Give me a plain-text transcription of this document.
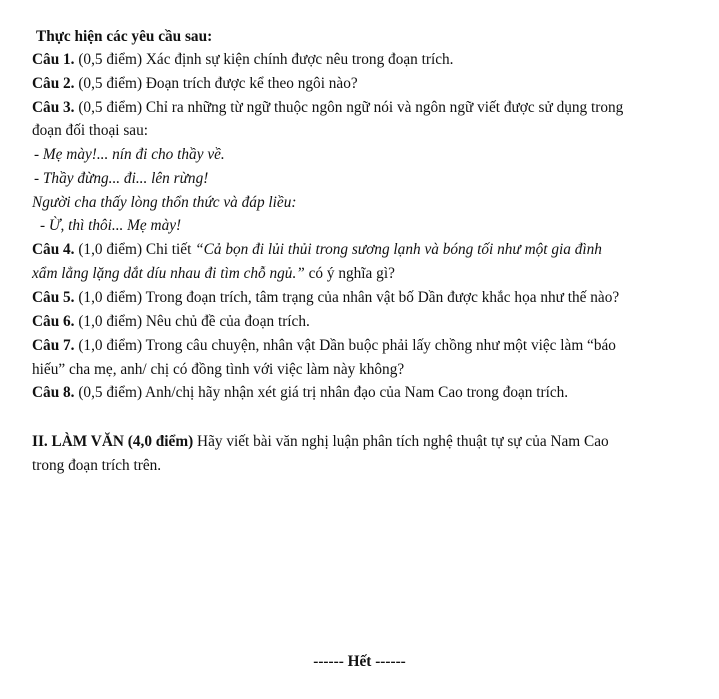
Thực hiện các yêu cầu sau:
Câu 1. (0,5 điểm) Xác định sự kiện chính được nêu trong đoạn trích.
Câu 2. (0,5 điểm) Đoạn trích được kể theo ngôi nào?
Câu 3. (0,5 điểm) Chỉ ra những từ ngữ thuộc ngôn ngữ nói và ngôn ngữ viết được sử dụng trong
đoạn đối thoại sau:
- Mẹ mày!... nín đi cho thầy về.
- Thầy đừng... đi... lên rừng!
Người cha thấy lòng thổn thức và đáp liều:
- Ừ, thì thôi... Mẹ mày!
Câu 4. (1,0 điểm) Chi tiết “Cả bọn đi lủi thủi trong sương lạnh và bóng tối như một gia đình
xẩm lẳng lặng dắt díu nhau đi tìm chỗ ngủ.” có ý nghĩa gì?
Câu 5. (1,0 điểm) Trong đoạn trích, tâm trạng của nhân vật bố Dần được khắc họa như thế nào?
Câu 6. (1,0 điểm) Nêu chủ đề của đoạn trích.
Câu 7. (1,0 điểm) Trong câu chuyện, nhân vật Dần buộc phải lấy chồng như một việc làm “báo
hiếu” cha mẹ, anh/ chị có đồng tình với việc làm này không?
Câu 8. (0,5 điểm) Anh/chị hãy nhận xét giá trị nhân đạo của Nam Cao trong đoạn trích.
II. LÀM VĂN (4,0 điểm) Hãy viết bài văn nghị luận phân tích nghệ thuật tự sự của Nam Cao
trong đoạn trích trên.
------ Hết ------
